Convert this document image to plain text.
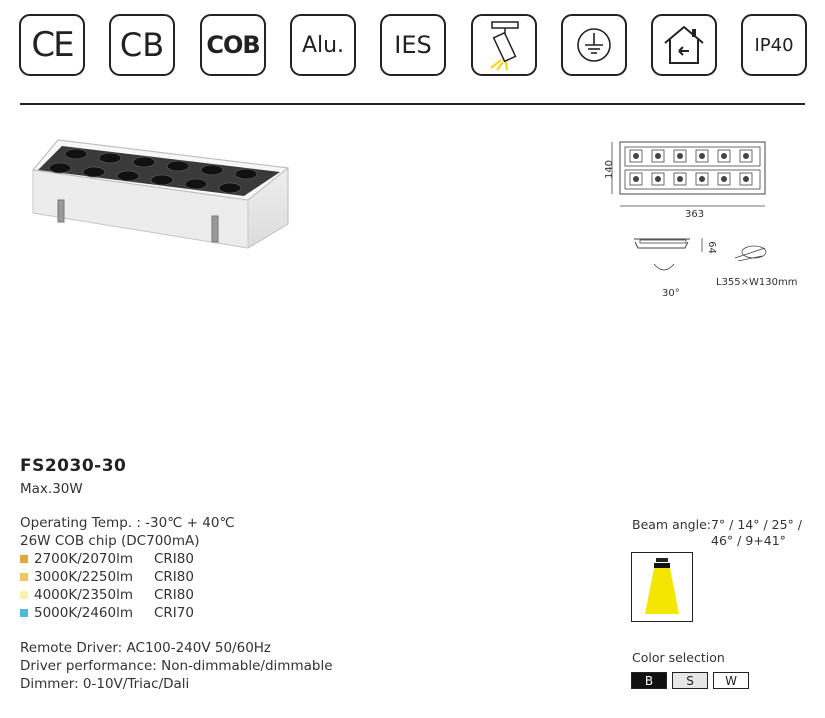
CE CB COB Alu. IES	IP40
140
363
64
30°
L355×W130mm
FS2030-30
Max.30W
Operating Temp. : -30℃ + 40℃
26W COB chip (DC700mA)
2700K/2070lm	CRI80
3000K/2250lm	CRI80
4000K/2350lm	CRI80
5000K/2460lm	CRI70
Remote Driver: AC100-240V 50/60Hz
Driver performance: Non-dimmable/dimmable
Dimmer: 0-10V/Triac/Dali
Beam angle:7° / 14° / 25° /
46° / 9+41°
Color selection
B	S	W
